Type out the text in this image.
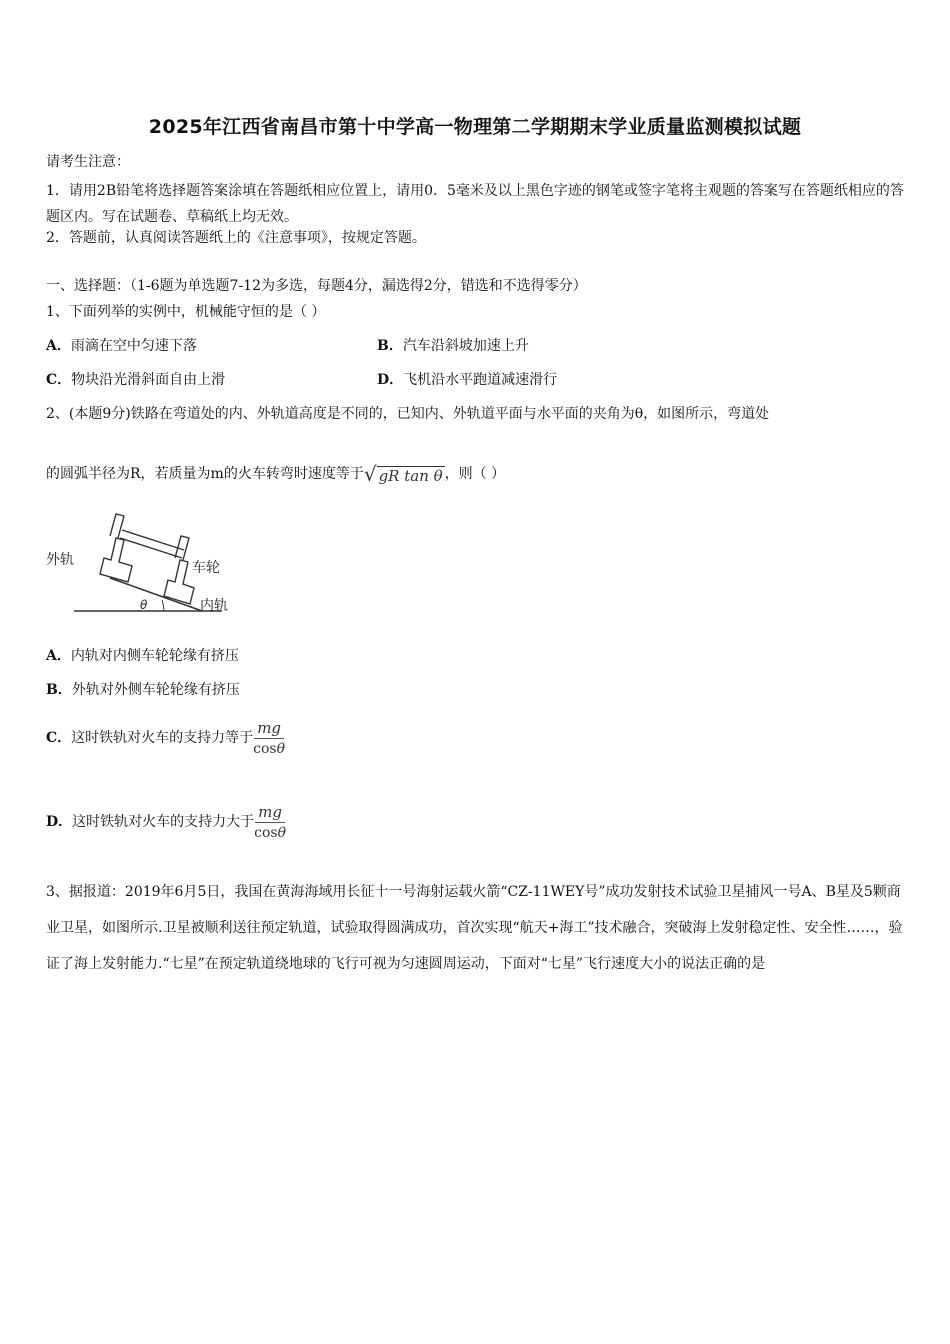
2025年江西省南昌市第十中学高一物理第二学期期末学业质量监测模拟试题
请考生注意：
1．请用2B铅笔将选择题答案涂填在答题纸相应位置上，请用0．5毫米及以上黑色字迹的钢笔或签字笔将主观题的答案写在答题纸相应的答题区内。写在试题卷、草稿纸上均无效。
2．答题前，认真阅读答题纸上的《注意事项》，按规定答题。
一、选择题：（1-6题为单选题7-12为多选，每题4分，漏选得2分，错选和不选得零分）
1、下面列举的实例中，机械能守恒的是（ ）
A．雨滴在空中匀速下落	B．汽车沿斜坡加速上升
C．物块沿光滑斜面自由上滑	D．飞机沿水平跑道减速滑行
2、(本题9分)铁路在弯道处的内、外轨道高度是不同的，已知内、外轨道平面与水平面的夹角为θ，如图所示，弯道处
的圆弧半径为R，若质量为m的火车转弯时速度等于 √ gR tan θ ，则（ ）
外轨	车轮
内轨
θ
A．内轨对内侧车轮轮缘有挤压
B．外轨对外侧车轮轮缘有挤压
C．这时铁轨对火车的支持力等于 $\frac{mg}{\cos\theta}$
D．这时铁轨对火车的支持力大于 $\frac{mg}{\cos\theta}$
3、据报道：2019年6月5日，我国在黄海海域用长征十一号海射运载火箭“CZ-11WEY号”成功发射技术试验卫星捕风一号A、B星及5颗商业卫星，如图所示.卫星被顺利送往预定轨道，试验取得圆满成功，首次实现“航天+海工”技术融合，突破海上发射稳定性、安全性……，验证了海上发射能力.“七星”在预定轨道绕地球的飞行可视为匀速圆周运动，下面对“七星”飞行速度大小的说法正确的是
